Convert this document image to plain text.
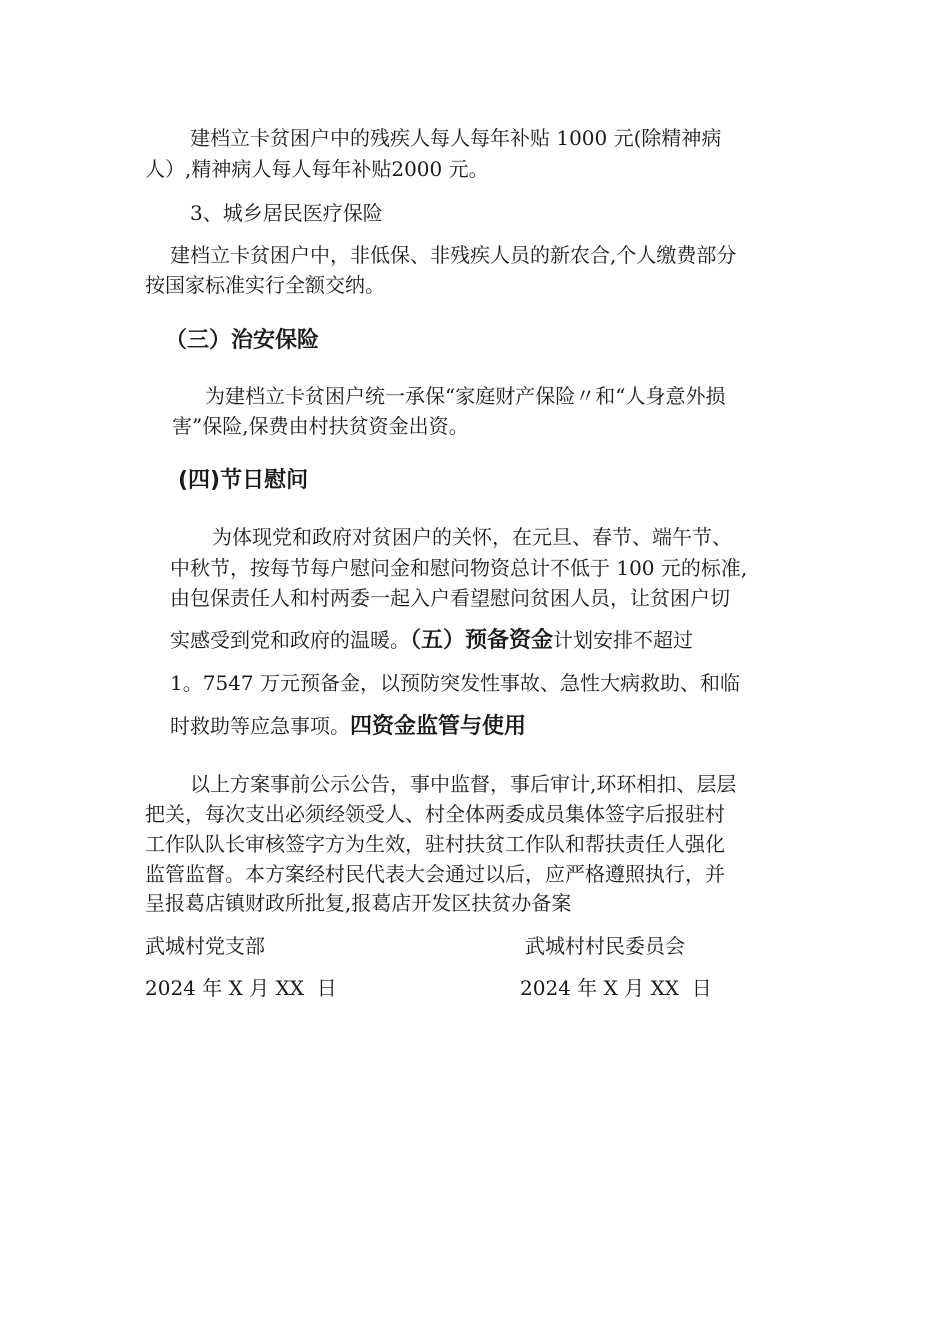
建档立卡贫困户中的残疾人每人每年补贴 1000 元(除精神病
人）,精神病人每人每年补贴2000 元。
3、城乡居民医疗保险
建档立卡贫困户中，非低保、非残疾人员的新农合,个人缴费部分
按国家标准实行全额交纳。
（三）治安保险
为建档立卡贫困户统一承保“家庭财产保险〃和“人身意外损
害”保险,保费由村扶贫资金出资。
(四)节日慰问
为体现党和政府对贫困户的关怀，在元旦、春节、端午节、
中秋节，按每节每户慰问金和慰问物资总计不低于 100 元的标准,
由包保责任人和村两委一起入户看望慰问贫困人员，让贫困户切
实感受到党和政府的温暖。（五）预备资金计划安排不超过
1。7547 万元预备金，以预防突发性事故、急性大病救助、和临
时救助等应急事项。四资金监管与使用
以上方案事前公示公告，事中监督，事后审计,环环相扣、层层
把关，每次支出必须经领受人、村全体两委成员集体签字后报驻村
工作队队长审核签字方为生效，驻村扶贫工作队和帮扶责任人强化
监管监督。本方案经村民代表大会通过以后，应严格遵照执行，并
呈报葛店镇财政所批复,报葛店开发区扶贫办备案
武城村党支部	武城村村民委员会
2024 年 X 月 XX  日	2024 年 X 月 XX  日
